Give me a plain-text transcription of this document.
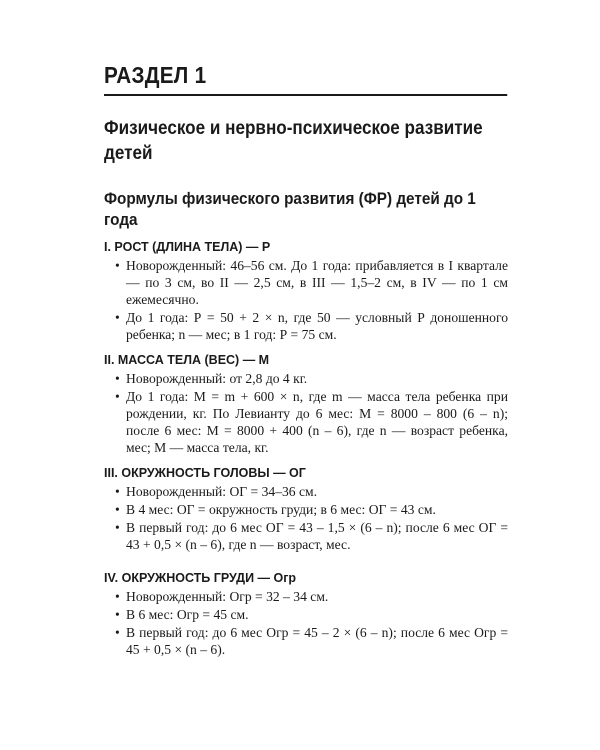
РАЗДЕЛ 1
Физическое и нервно-психическое развитие детей
Формулы физического развития (ФР) детей до 1 года
I. РОСТ (ДЛИНА ТЕЛА) — Р
• Новорожденный: 46–56 см. До 1 года: прибавляется в I квартале — по 3 см, во II — 2,5 см, в III — 1,5–2 см, в IV — по 1 см ежемесячно.
• До 1 года: Р = 50 + 2 × n, где 50 — условный Р доношенного ребенка; n — мес; в 1 год: Р = 75 см.
II. МАССА ТЕЛА (ВЕС) — М
• Новорожденный: от 2,8 до 4 кг.
• До 1 года: М = m + 600 × n, где m — масса тела ребенка при рождении, кг. По Левианту до 6 мес: М = 8000 – 800 (6 – n); после 6 мес: М = 8000 + 400 (n – 6), где n — возраст ребенка, мес; М — масса тела, кг.
III. ОКРУЖНОСТЬ ГОЛОВЫ — ОГ
• Новорожденный: ОГ = 34–36 см.
• В 4 мес: ОГ = окружность груди; в 6 мес: ОГ = 43 см.
• В первый год: до 6 мес ОГ = 43 – 1,5 × (6 – n); после 6 мес ОГ = 43 + 0,5 × (n – 6), где n — возраст, мес.
IV. ОКРУЖНОСТЬ ГРУДИ — Огр
• Новорожденный: Огр = 32 – 34 см.
• В 6 мес: Огр = 45 см.
• В первый год: до 6 мес Огр = 45 – 2 × (6 – n); после 6 мес Огр = 45 + 0,5 × (n – 6).
